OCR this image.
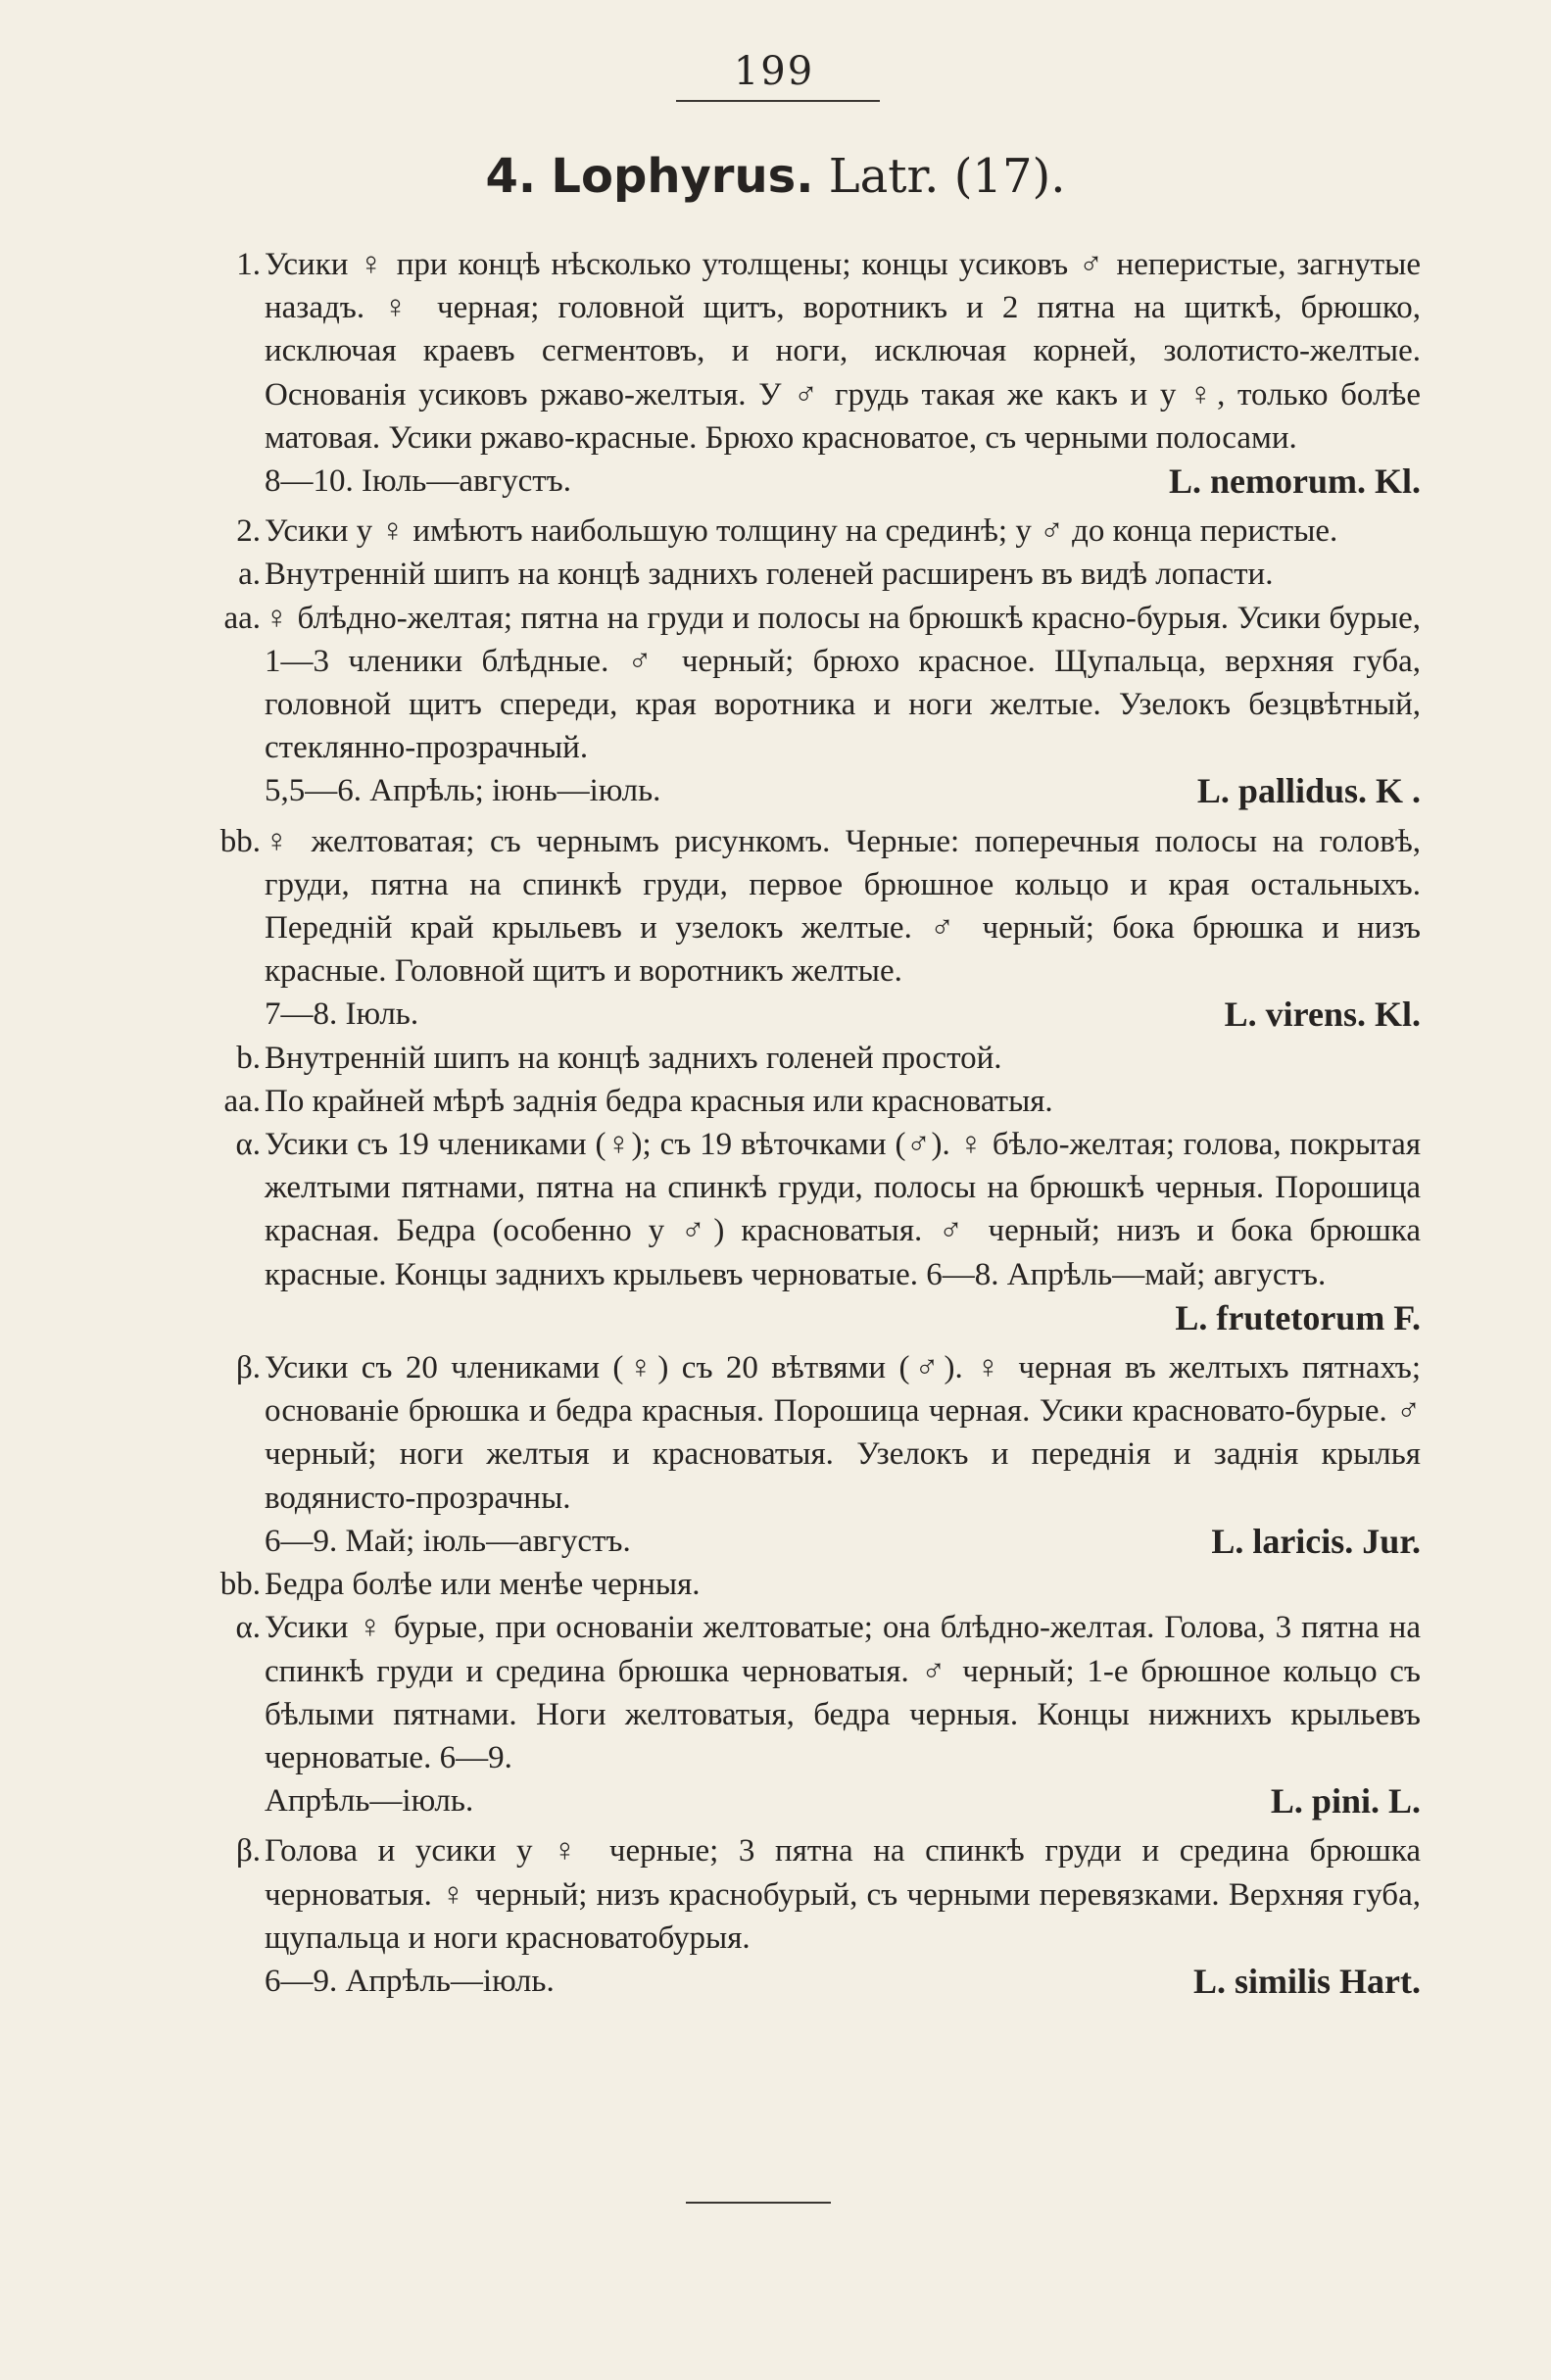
199
4. Lophyrus. Latr. (17).
1. Усики ♀ при концѣ нѣсколько утолщены; концы усиковъ ♂ неперистые, загнутые назадъ. ♀ черная; головной щитъ, воротникъ и 2 пятна на щиткѣ, брюшко, исключая краевъ сегментовъ, и ноги, исключая корней, золотисто-желтые. Основанія усиковъ ржаво-желтыя. У ♂ грудь такая же какъ и у ♀, только болѣе матовая. Усики ржаво-красные. Брюхо красноватое, съ черными полосами.
8—10. Іюль—августъ.	L. nemorum. Kl.
2. Усики у ♀ имѣютъ наибольшую толщину на срединѣ; у ♂ до конца перистые.
a. Внутренній шипъ на концѣ заднихъ голеней расширенъ въ видѣ лопасти.
aa. ♀ блѣдно-желтая; пятна на груди и полосы на брюшкѣ красно-бурыя. Усики бурые, 1—3 членики блѣдные. ♂ черный; брюхо красное. Щупальца, верхняя губа, головной щитъ спереди, края воротника и ноги желтые. Узелокъ безцвѣтный, стеклянно-прозрачный.
5,5—6. Апрѣль; іюнь—іюль.	L. pallidus. K .
bb. ♀ желтоватая; съ чернымъ рисункомъ. Черные: поперечныя полосы на головѣ, груди, пятна на спинкѣ груди, первое брюшное кольцо и края остальныхъ. Передній край крыльевъ и узелокъ желтые. ♂ черный; бока брюшка и низъ красные. Головной щитъ и воротникъ желтые.
7—8. Іюль.	L. virens. Kl.
b. Внутренній шипъ на концѣ заднихъ голеней простой.
aa. По крайней мѣрѣ заднія бедра красныя или красноватыя.
α. Усики съ 19 члениками (♀); съ 19 вѣточками (♂). ♀ бѣло-желтая; голова, покрытая желтыми пятнами, пятна на спинкѣ груди, полосы на брюшкѣ черныя. Порошица красная. Бедра (особенно у ♂) красноватыя. ♂ черный; низъ и бока брюшка красные. Концы заднихъ крыльевъ черноватые. 6—8. Апрѣль—май; августъ.
L. frutetorum F.
β. Усики съ 20 члениками (♀) съ 20 вѣтвями (♂). ♀ черная въ желтыхъ пятнахъ; основаніе брюшка и бедра красныя. Порошица черная. Усики красновато-бурые. ♂ черный; ноги желтыя и красноватыя. Узелокъ и переднія и заднія крылья водянисто-прозрачны.
6—9. Май; іюль—августъ.	L. laricis. Jur.
bb. Бедра болѣе или менѣе черныя.
α. Усики ♀ бурые, при основаніи желтоватые; она блѣдно-желтая. Голова, 3 пятна на спинкѣ груди и средина брюшка черноватыя. ♂ черный; 1-е брюшное кольцо съ бѣлыми пятнами. Ноги желтоватыя, бедра черныя. Концы нижнихъ крыльевъ черноватые. 6—9.
Апрѣль—іюль.	L. pini. L.
β. Голова и усики у ♀ черные; 3 пятна на спинкѣ груди и средина брюшка черноватыя. ♀ черный; низъ краснобурый, съ черными перевязками. Верхняя губа, щупальца и ноги красноватобурыя.
6—9. Апрѣль—іюль.	L. similis Hart.
